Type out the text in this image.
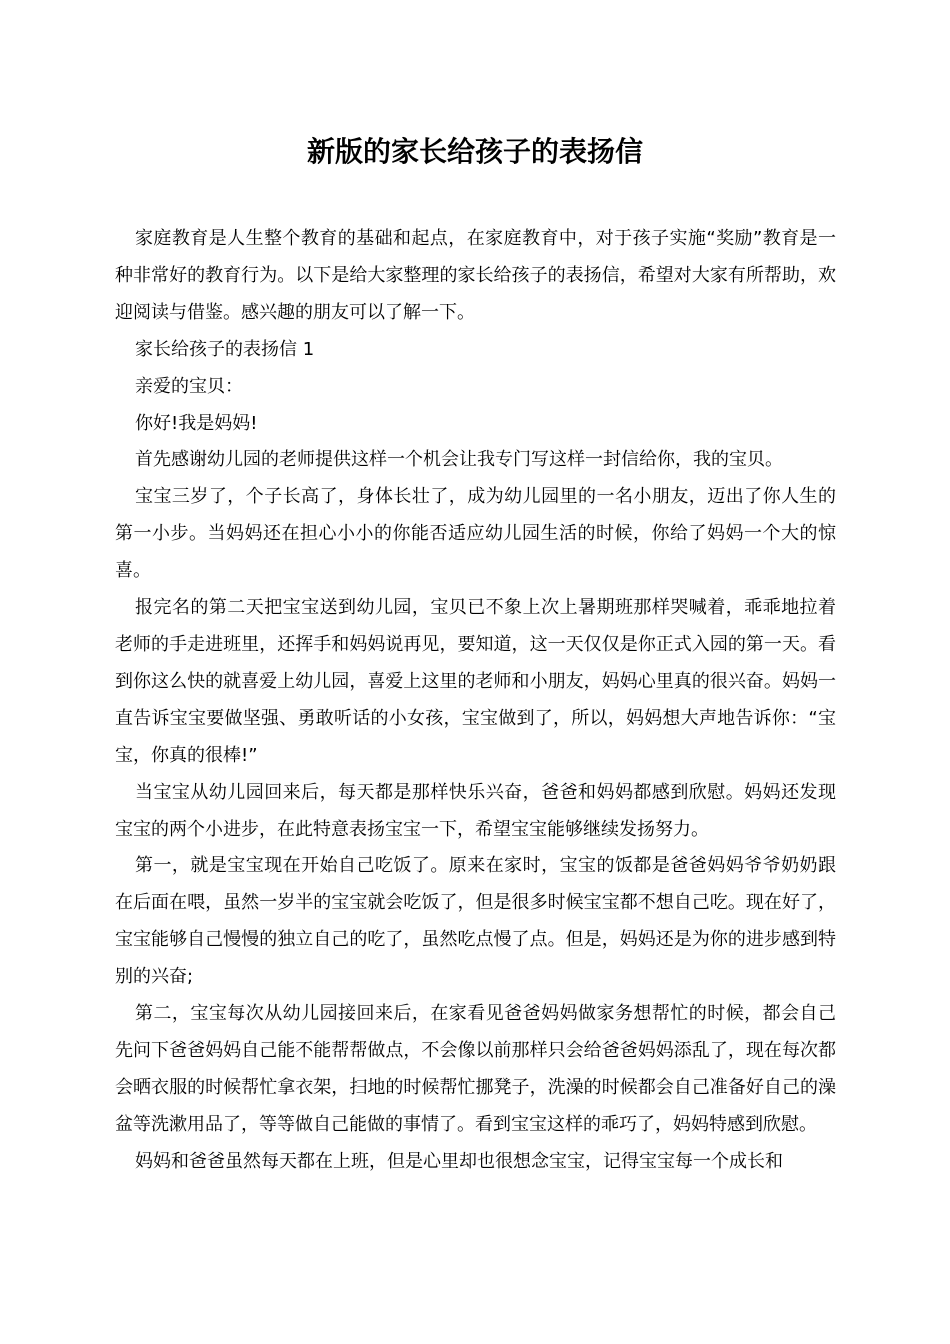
新版的家长给孩子的表扬信

家庭教育是人生整个教育的基础和起点，在家庭教育中，对于孩子实施“奖励”教育是一种非常好的教育行为。以下是给大家整理的家长给孩子的表扬信，希望对大家有所帮助，欢迎阅读与借鉴。感兴趣的朋友可以了解一下。

家长给孩子的表扬信 1

亲爱的宝贝：

你好!我是妈妈!

首先感谢幼儿园的老师提供这样一个机会让我专门写这样一封信给你，我的宝贝。

宝宝三岁了，个子长高了，身体长壮了，成为幼儿园里的一名小朋友，迈出了你人生的第一小步。当妈妈还在担心小小的你能否适应幼儿园生活的时候，你给了妈妈一个大的惊喜。

报完名的第二天把宝宝送到幼儿园，宝贝已不象上次上暑期班那样哭喊着，乖乖地拉着老师的手走进班里，还挥手和妈妈说再见，要知道，这一天仅仅是你正式入园的第一天。看到你这么快的就喜爱上幼儿园，喜爱上这里的老师和小朋友，妈妈心里真的很兴奋。妈妈一直告诉宝宝要做坚强、勇敢听话的小女孩，宝宝做到了，所以，妈妈想大声地告诉你：“宝宝，你真的很棒!”

当宝宝从幼儿园回来后，每天都是那样快乐兴奋，爸爸和妈妈都感到欣慰。妈妈还发现宝宝的两个小进步，在此特意表扬宝宝一下，希望宝宝能够继续发扬努力。

第一，就是宝宝现在开始自己吃饭了。原来在家时，宝宝的饭都是爸爸妈妈爷爷奶奶跟在后面在喂，虽然一岁半的宝宝就会吃饭了，但是很多时候宝宝都不想自己吃。现在好了，宝宝能够自己慢慢的独立自己的吃了，虽然吃点慢了点。但是，妈妈还是为你的进步感到特别的兴奋;

第二，宝宝每次从幼儿园接回来后，在家看见爸爸妈妈做家务想帮忙的时候，都会自己先问下爸爸妈妈自己能不能帮帮做点，不会像以前那样只会给爸爸妈妈添乱了，现在每次都会晒衣服的时候帮忙拿衣架，扫地的时候帮忙挪凳子，洗澡的时候都会自己准备好自己的澡盆等洗漱用品了，等等做自己能做的事情了。看到宝宝这样的乖巧了，妈妈特感到欣慰。

妈妈和爸爸虽然每天都在上班，但是心里却也很想念宝宝，记得宝宝每一个成长和
